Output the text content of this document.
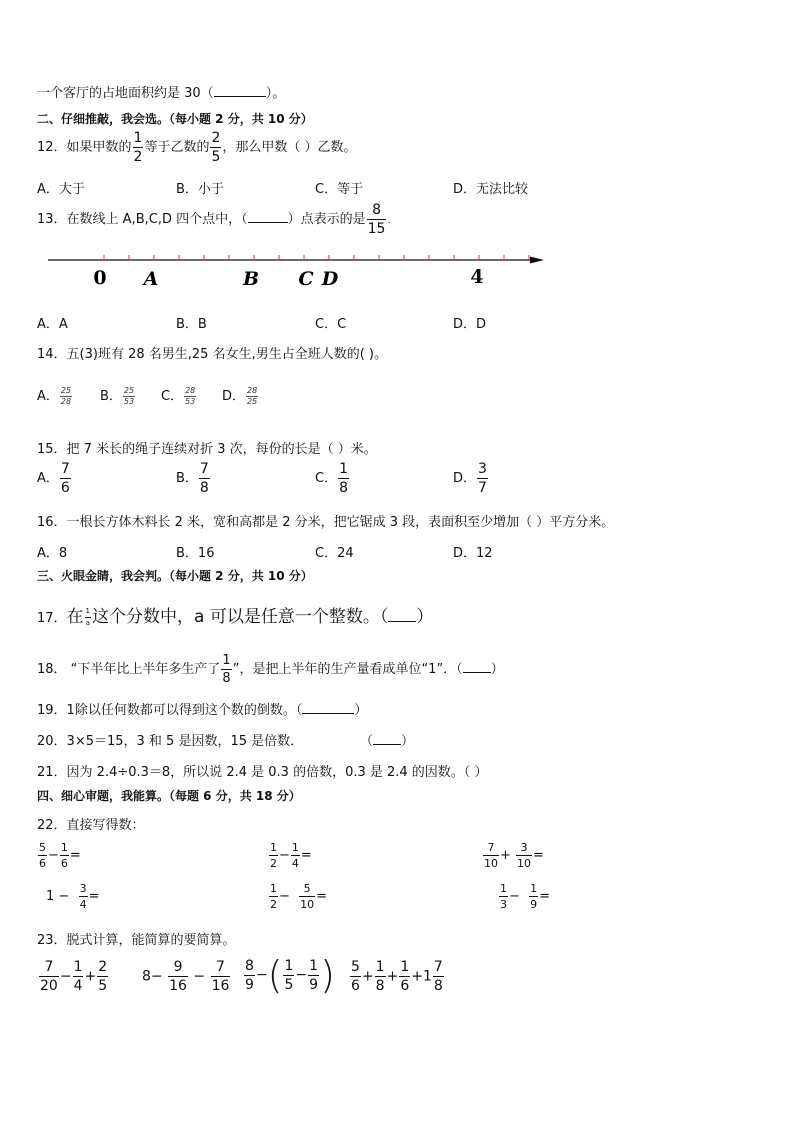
一个客厅的占地面积约是 30（	）。
二、仔细推敲，我会选。（每小题 2 分，共 10 分）
12．如果甲数的 $\frac{1}{2}$ 等于乙数的 $\frac{2}{5}$ ，那么甲数（ ）乙数。
A．大于	B．小于	C．等于	D．无法比较
13．在数线上 A,B,C,D 四个点中，（	）点表示的是 $\frac{8}{15}$ .
0 A	B C D	4
A．A	B．B	C．C	D．D
14．五(3)班有 28 名男生,25 名女生,男生占全班人数的( )。
A． $\frac{25}{28}$ B． $\frac{25}{53}$ C． $\frac{28}{53}$ D． $\frac{28}{25}$
15．把 7 米长的绳子连续对折 3 次，每份的长是（ ）米。
A． $\frac{7}{6}$	B． $\frac{7}{8}$	C． $\frac{1}{8}$	D． $\frac{3}{7}$
16．一根长方体木料长 2 米，宽和高都是 2 分米，把它锯成 3 段，表面积至少增加（ ）平方分米。
A．8	B．16	C．24	D．12
三、火眼金睛，我会判。（每小题 2 分，共 10 分）
17．在 $\frac{1}{a}$ 这个分数中，a 可以是任意一个整数。（ ）
18． “下半年比上半年多生产了 $\frac{1}{8}$ ”，是把上半年的生产量看成单位“1”．（ ）
19．1除以任何数都可以得到这个数的倒数。（	）
20．3×5＝15，3 和 5 是因数，15 是倍数．	（ ）
21．因为 2.4÷0.3＝8，所以说 2.4 是 0.3 的倍数，0.3 是 2.4 的因数。（ ）
四、细心审题，我能算。（每题 6 分，共 18 分）
22．直接写得数：
$\frac{5}{6} - \frac{1}{6}$ =	$\frac{1}{2} - \frac{1}{4}$ =	$\frac{7}{10} + \frac{3}{10}$ =
$1 - \frac{3}{4}$ =	$\frac{1}{2} - \frac{5}{10}$ =	$\frac{1}{3} - \frac{1}{9}$ =
23．脱式计算，能简算的要简算。
$\frac{7}{20} - \frac{1}{4} + \frac{2}{5} 8- \frac{9}{16} - \frac{7}{16} \frac{8}{9}$ −( $\frac{1}{5} - \frac{1}{9}$ ) $\frac{5}{6} + \frac{1}{8} + \frac{1}{6} +1 \frac{7}{8}$
